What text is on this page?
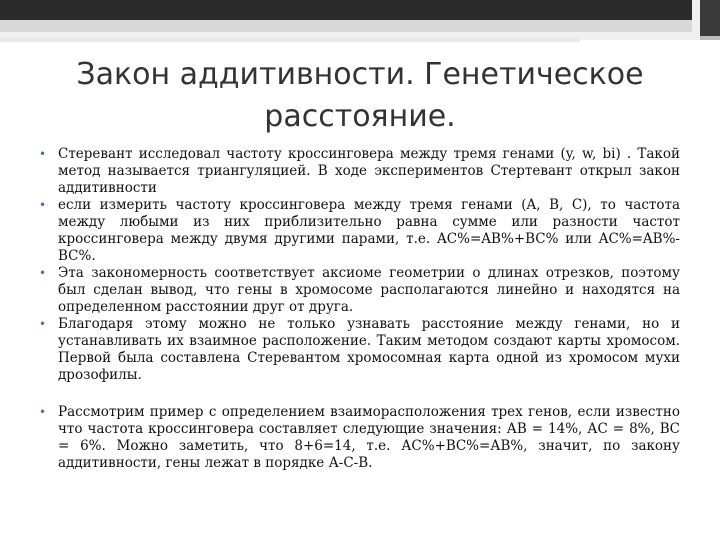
Закон аддитивности. Генетическое
расстояние.
• Стеревант исследовал частоту кроссинговера между тремя генами (y, w, bi) . Такой метод называется триангуляцией. В ходе экспериментов Стертевант открыл закон аддитивности
• если измерить частоту кроссинговера между тремя генами (A, B, C), то частота между любыми из них приблизительно равна сумме или разности частот кроссинговера между двумя другими парами, т.е. AC%=AB%+BC% или AC%=AB%-BC%.
• Эта закономерность соответствует аксиоме геометрии о длинах отрезков, поэтому был сделан вывод, что гены в хромосоме располагаются линейно и находятся на определенном расстоянии друг от друга.
• Благодаря этому можно не только узнавать расстояние между генами, но и устанавливать их взаимное расположение. Таким методом создают карты хромосом. Первой была составлена Стеревантом хромосомная карта одной из хромосом мухи дрозофилы.
• Рассмотрим пример с определением взаиморасположения трех генов, если известно что частота кроссинговера составляет следующие значения: АВ = 14%, АС = 8%, ВС = 6%. Можно заметить, что 8+6=14, т.е. АС%+ВС%=АВ%, значит, по закону аддитивности, гены лежат в порядке А-С-В.
